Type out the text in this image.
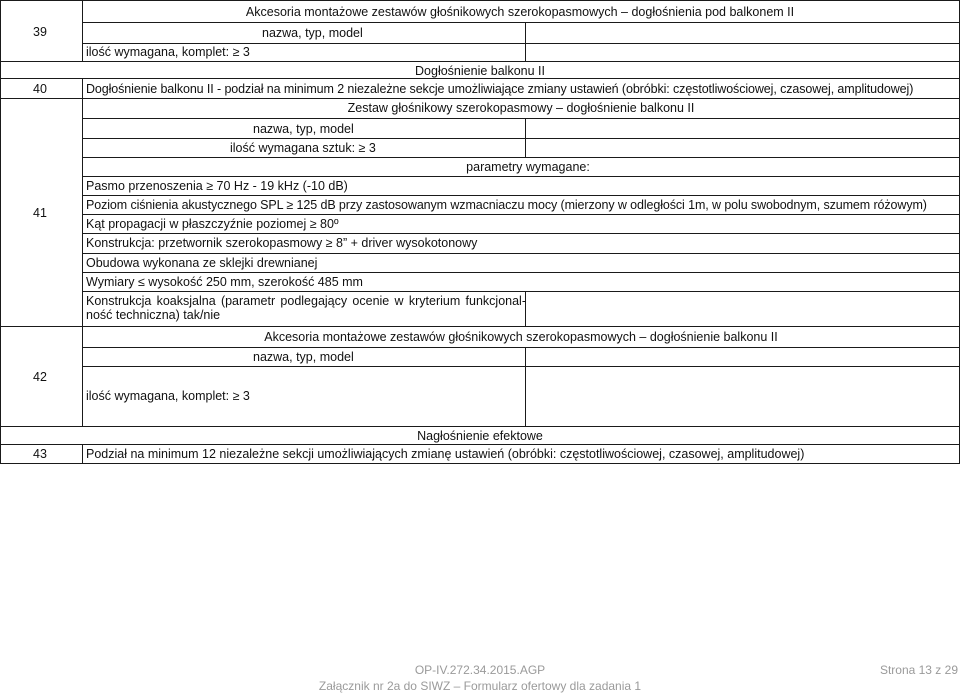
39
Akcesoria montażowe zestawów głośnikowych szerokopasmowych – dogłośnienia pod balkonem II
nazwa, typ, model
ilość wymagana, komplet: ≥ 3
Dogłośnienie balkonu II
40	Dogłośnienie balkonu II - podział na minimum 2 niezależne sekcje umożliwiające zmiany ustawień (obróbki: częstotliwościowej, czasowej, amplitudowej)
41
Zestaw głośnikowy szerokopasmowy – dogłośnienie balkonu II
nazwa, typ, model
ilość wymagana sztuk: ≥ 3
parametry wymagane:
Pasmo przenoszenia ≥ 70 Hz - 19 kHz (-10 dB)
Poziom ciśnienia akustycznego SPL ≥ 125 dB przy zastosowanym wzmacniaczu mocy (mierzony w odległości 1m, w polu swobodnym, szumem różowym)
Kąt propagacji w płaszczyźnie poziomej ≥ 80º
Konstrukcja: przetwornik szerokopasmowy ≥ 8” + driver wysokotonowy
Obudowa wykonana ze sklejki drewnianej
Wymiary ≤ wysokość 250 mm, szerokość 485 mm
Konstrukcja koaksjalna (parametr podlegający ocenie w kryterium funkcjonalność techniczna) tak/nie
42
Akcesoria montażowe zestawów głośnikowych szerokopasmowych – dogłośnienie balkonu II
nazwa, typ, model
ilość wymagana, komplet: ≥ 3
Nagłośnienie efektowe
43	Podział na minimum 12 niezależne sekcji umożliwiających zmianę ustawień (obróbki: częstotliwościowej, czasowej, amplitudowej)
OP-IV.272.34.2015.AGP
Załącznik nr 2a do SIWZ – Formularz ofertowy dla zadania 1
Strona 13 z 29
